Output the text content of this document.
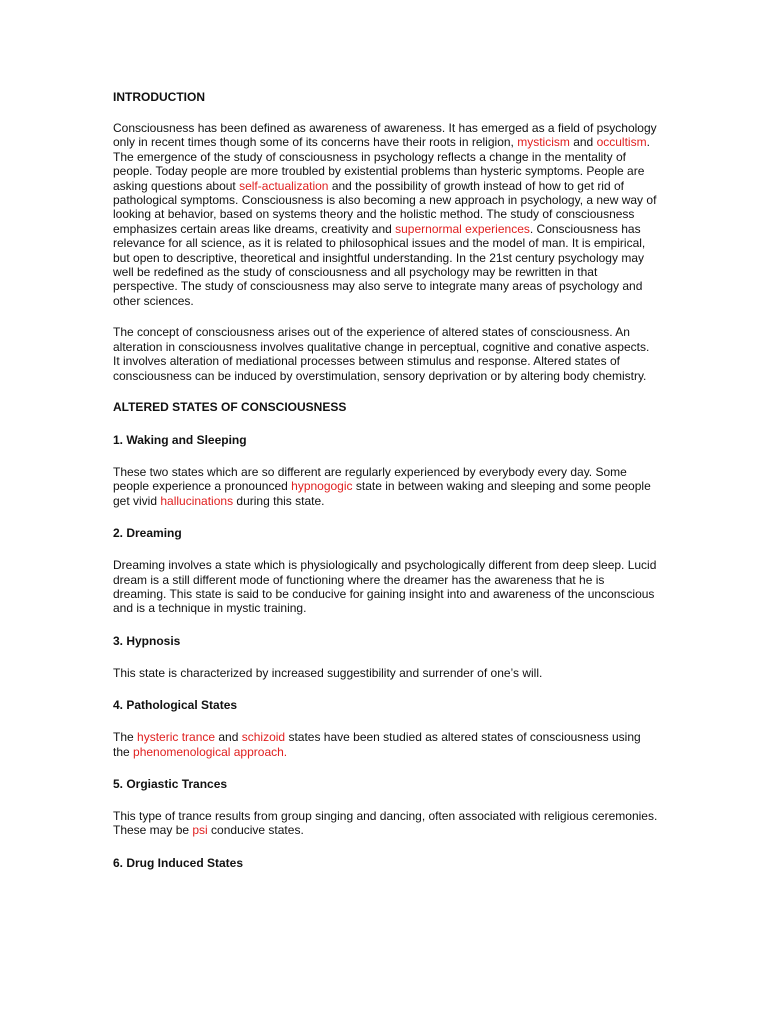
INTRODUCTION

Consciousness has been defined as awareness of awareness. It has emerged as a field of psychology only in recent times though some of its concerns have their roots in religion, mysticism and occultism. The emergence of the study of consciousness in psychology reflects a change in the mentality of people. Today people are more troubled by existential problems than hysteric symptoms. People are asking questions about self-actualization and the possibility of growth instead of how to get rid of pathological symptoms. Consciousness is also becoming a new approach in psychology, a new way of looking at behavior, based on systems theory and the holistic method. The study of consciousness emphasizes certain areas like dreams, creativity and supernormal experiences. Consciousness has relevance for all science, as it is related to philosophical issues and the model of man. It is empirical, but open to descriptive, theoretical and insightful understanding. In the 21st century psychology may well be redefined as the study of consciousness and all psychology may be rewritten in that perspective. The study of consciousness may also serve to integrate many areas of psychology and other sciences.

The concept of consciousness arises out of the experience of altered states of consciousness. An alteration in consciousness involves qualitative change in perceptual, cognitive and conative aspects. It involves alteration of mediational processes between stimulus and response. Altered states of consciousness can be induced by overstimulation, sensory deprivation or by altering body chemistry.

ALTERED STATES OF CONSCIOUSNESS
1. Waking and Sleeping

These two states which are so different are regularly experienced by everybody every day. Some people experience a pronounced hypnogogic state in between waking and sleeping and some people get vivid hallucinations during this state.

2. Dreaming

Dreaming involves a state which is physiologically and psychologically different from deep sleep. Lucid dream is a still different mode of functioning where the dreamer has the awareness that he is dreaming. This state is said to be conducive for gaining insight into and awareness of the unconscious and is a technique in mystic training.

3. Hypnosis

This state is characterized by increased suggestibility and surrender of one’s will.

4. Pathological States

The hysteric trance and schizoid states have been studied as altered states of consciousness using the phenomenological approach.

5. Orgiastic Trances

This type of trance results from group singing and dancing, often associated with religious ceremonies. These may be psi conducive states.

6. Drug Induced States
